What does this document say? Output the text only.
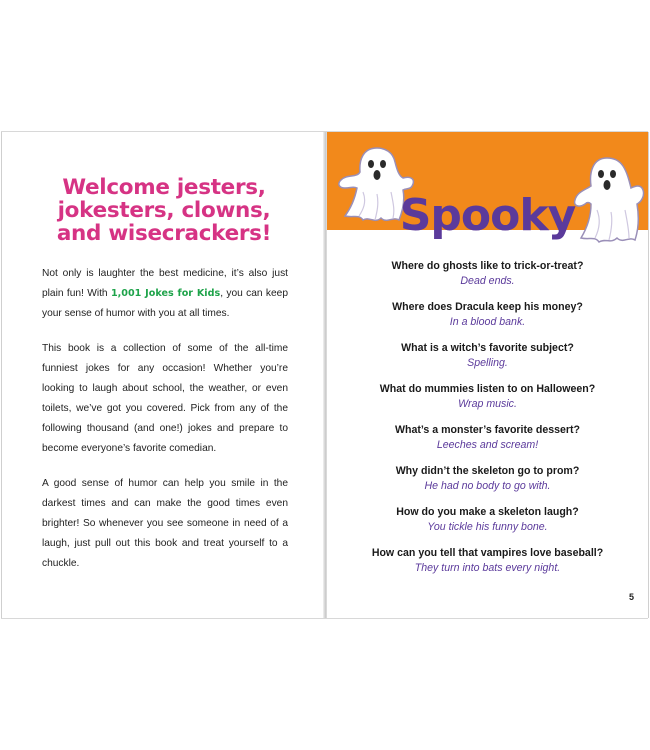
Welcome jesters,
jokesters, clowns,
and wisecrackers!

Not only is laughter the best medicine, it’s also just plain fun! With 1,001 Jokes for Kids, you can keep your sense of humor with you at all times.

This book is a collection of some of the all-time funniest jokes for any occasion! Whether you’re looking to laugh about school, the weather, or even toilets, we’ve got you covered. Pick from any of the following thousand (and one!) jokes and prepare to become everyone’s favorite comedian.

A good sense of humor can help you smile in the darkest times and can make the good times even brighter! So whenever you see someone in need of a laugh, just pull out this book and treat yourself to a chuckle.

Spooky
Where do ghosts like to trick-or-treat?
Dead ends.
Where does Dracula keep his money?
In a blood bank.
What is a witch’s favorite subject?
Spelling.
What do mummies listen to on Halloween?
Wrap music.
What’s a monster’s favorite dessert?
Leeches and scream!
Why didn’t the skeleton go to prom?
He had no body to go with.
How do you make a skeleton laugh?
You tickle his funny bone.
How can you tell that vampires love baseball?
They turn into bats every night.
5
